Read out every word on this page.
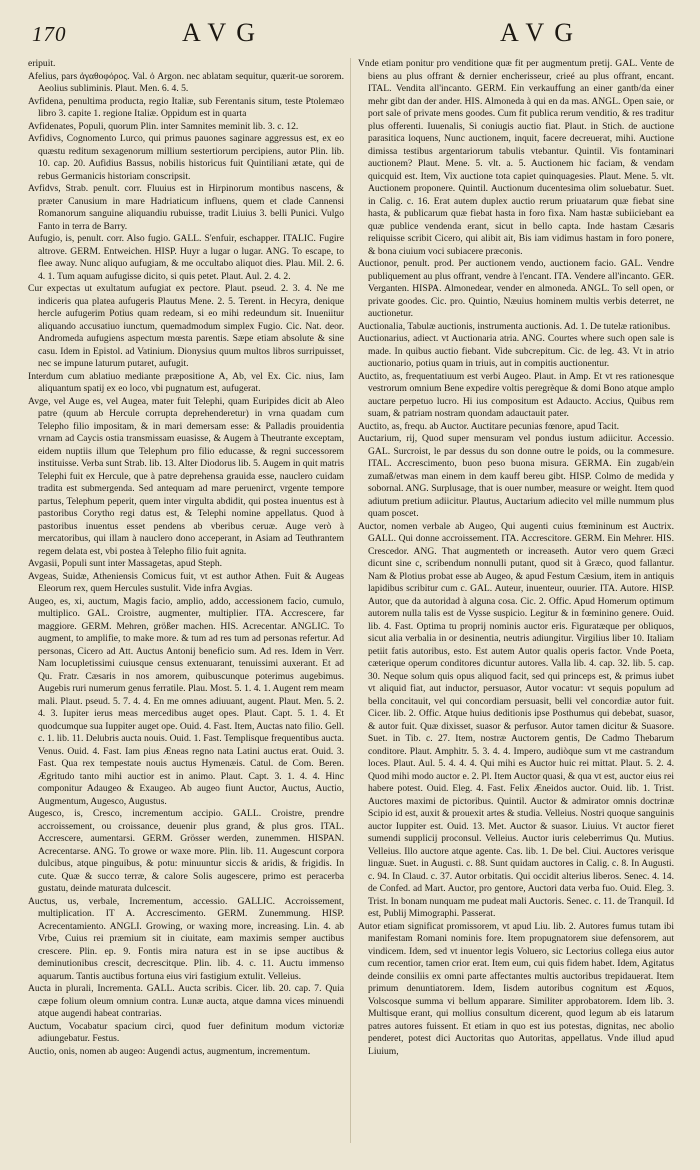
170	AVG	AVG

eripuit.

Afelius, pars ἀγαθοφόρος. Val. ὁ Argon. nec ablatam sequitur, quærit-ue sororem. Aeolius subliminis. Plaut. Men. 6. 4. 5.

Avfidena, penultima producta, regio Italiæ, sub Ferentanis situm, teste Ptolemæo libro 3. capite 1. regione Italiæ. Oppidum est in quarta

Avfidenates, Populi, quorum Plin. inter Samnites meminit lib. 3. c. 12.

Avfidivs, Cognomento Lurco, qui primus pauones saginare aggressus est, ex eo quæstu reditum sexagenorum millium sestertiorum percipiens, autor Plin. lib. 10. cap. 20. Aufidius Bassus, nobilis historicus fuit Quintiliani ætate, qui de rebus Germanicis historiam conscripsit.

Avfidvs, Strab. penult. corr. Fluuius est in Hirpinorum montibus nascens, & præter Canusium in mare Hadriaticum influens, quem et clade Cannensi Romanorum sanguine aliquandiu rubuisse, tradit Liuius 3. belli Punici. Vulgo Fanto in terra de Barry.

Aufugio, is, penult. corr. Also fugio. GALL. S'enfuir, eschapper. ITALIC. Fugire altrove. GERM. Entweichen. HISP. Huyr a lugar o lugar. ANG. To escape, to flee away. Nunc aliquo aufugiam, & me occultabo aliquot dies. Plau. Mil. 2. 6. 4. 1. Tum aquam aufugisse dicito, si quis petet. Plaut. Aul. 2. 4. 2.

Cur expectas ut exultatum aufugiat ex pectore. Plaut. pseud. 2. 3. 4. Ne me indiceris qua platea aufugeris Plautus Mene. 2. 5. Terent. in Hecyra, denique hercle aufugerim Potius quam redeam, si eo mihi redeundum sit. Inueniitur aliquando accusatiuo iunctum, quemadmodum simplex Fugio. Cic. Nat. deor. Andromeda aufugiens aspectum mœsta parentis. Sæpe etiam absolute & sine casu. Idem in Epistol. ad Vatinium. Dionysius quum multos libros surripuisset, nec se impune laturum putaret, aufugit.

Interdum cum ablatiuo mediante præpositione A, Ab, vel Ex. Cic. nius, Iam aliquantum spatij ex eo loco, vbi pugnatum est, aufugerat.

Avge, vel Auge es, vel Augea, mater fuit Telephi, quam Euripides dicit ab Aleo patre (quum ab Hercule corrupta deprehenderetur) in vrna quadam cum Telepho filio impositam, & in mari demersam esse: & Palladis prouidentia vrnam ad Caycis ostia transmissam euasisse, & Augem à Theutrante exceptam, eidem nuptiis illum que Telephum pro filio educasse, & regni successorem instituisse. Verba sunt Strab. lib. 13. Alter Diodorus lib. 5. Augem in quit matris Telephi fuit ex Hercule, que à patre deprehensa grauida esse, nauclero cuidam tradita est submergenda. Sed antequam ad mare peruenirct, vrgente tempore partus, Telephum peperit, quem inter virgulta abdidit, qui postea inuentus est à pastoribus Corytho regi datus est, & Telephi nomine appellatus. Quod à pastoribus inuentus esset pendens ab vberibus ceruæ. Auge verò à mercatoribus, qui illam à nauclero dono acceperant, in Asiam ad Teuthrantem regem delata est, vbi postea à Telepho filio fuit agnita.

Avgasii, Populi sunt inter Massagetas, apud Steph.

Avgeas, Suidæ, Atheniensis Comicus fuit, vt est author Athen. Fuit & Augeas Eleorum rex, quem Hercules sustulit. Vide infra Avgias.

Augeo, es, xi, auctum, Magis facio, amplio, addo, accessionem facio, cumulo, multiplico. GAL. Croistre, augmenter, multiplier. ITA. Accrescere, far maggiore. GERM. Mehren, größer machen. HIS. Acrecentar. ANGLIC. To augment, to amplifie, to make more. & tum ad res tum ad personas refertur. Ad personas, Cicero ad Att. Auctus Antonij beneficio sum. Ad res. Idem in Verr. Nam locupletissimi cuiusque census extenuarant, tenuissimi auxerant. Et ad Qu. Fratr. Cæsaris in nos amorem, quibuscunque poterimus augebimus. Augebis ruri numerum genus ferratile. Plau. Most. 5. 1. 4. 1. Augent rem meam mali. Plaut. pseud. 5. 7. 4. 4. En me omnes adiuuant, augent. Plaut. Men. 5. 2. 4. 3. Iupiter ierus meas mercedibus auget opes. Plaut. Capt. 5. 1. 4. Et quodcumque sua Iuppiter auget ope. Ouid. 4. Fast. Item, Auctas nato filio. Gell. c. 1. lib. 11. Delubris aucta nouis. Ouid. 1. Fast. Templisque frequentibus aucta. Venus. Ouid. 4. Fast. Iam pius Æneas regno nata Latini auctus erat. Ouid. 3. Fast. Qua rex tempestate nouis auctus Hymenæis. Catul. de Com. Beren. Ægritudo tanto mihi auctior est in animo. Plaut. Capt. 3. 1. 4. 4. Hinc componitur Adaugeo & Exaugeo. Ab augeo fiunt Auctor, Auctus, Auctio, Augmentum, Augesco, Augustus.

Augesco, is, Cresco, incrementum accipio. GALL. Croistre, prendre accroissement, ou croissance, deuenir plus grand, & plus gros. ITAL. Accrescere, aumentarsi. GERM. Grösser werden, zunemmen. HISPAN. Acrecentarse. ANG. To growe or waxe more. Plin. lib. 11. Augescunt corpora dulcibus, atque pinguibus, & potu: minuuntur siccis & aridis, & frigidis. In cute. Quæ & succo terræ, & calore Solis augescere, primo est peracerba gustatu, deinde maturata dulcescit.

Auctus, us, verbale, Incrementum, accessio. GALLIC. Accroissement, multiplication. IT A. Accrescimento. GERM. Zunemmung. HISP. Acrecentamiento. ANGLI. Growing, or waxing more, increasing. Lin. 4. ab Vrbe, Cuius rei præmium sit in ciuitate, eam maximis semper auctibus crescere. Plin. ep. 9. Fontis mira natura est in se ipse auctibus & deminutionibus crescit, decrescitque. Plin. lib. 4. c. 11. Auctu immenso aquarum. Tantis auctibus fortuna eius viri fastigium extulit. Velleius.

Aucta in plurali, Incrementa. GALL. Aucta scribis. Cicer. lib. 20. cap. 7. Quia cæpe folium oleum omnium contra. Lunæ aucta, atque damna vices minuendi atque augendi habeat contrarias.

Auctum, Vocabatur spacium circi, quod fuer definitum modum victoriæ adiungebatur. Festus.

Auctio, onis, nomen ab augeo: Augendi actus, augmentum, incrementum.

Vnde etiam ponitur pro venditione quæ fit per augmentum pretij. GAL. Vente de biens au plus offrant & dernier encherisseur, crieé au plus offrant, encant. ITAL. Vendita all'incanto. GERM. Ein verkauffung an einer gantb/da einer mehr gibt dan der ander. HIS. Almoneda à qui en da mas. ANGL. Open saie, or port sale of private mens goodes. Cum fit publica rerum venditio, & res traditur plus offerenti. Iuuenalis, Si coniugis auctio fiat. Plaut. in Stich. de auctione parasitica loquens, Nunc auctionem, inquit, facere decreuerat, mihi. Auctione dimissa testibus argentariorum tabulis vtebantur. Quintil. Vis fontaminari auctionem? Plaut. Mene. 5. vlt. a. 5. Auctionem hic faciam, & vendam quicquid est. Item, Vix auctione tota capiet quinquagesies. Plaut. Mene. 5. vlt. Auctionem proponere. Quintil. Auctionum ducentesima olim soluebatur. Suet. in Calig. c. 16. Erat autem duplex auctio rerum priuatarum quæ fiebat sine hasta, & publicarum quæ fiebat hasta in foro fixa. Nam hastæ subiiciebant ea quæ publice vendenda erant, sicut in bello capta. Inde hastam Cæsaris reliquisse scribit Cicero, qui alibit ait, Bis iam vidimus hastam in foro ponere, & bona ciuium voci subiacere præconis.

Auctionor, penult. prod. Per auctionem vendo, auctionem facio. GAL. Vendre publiquement au plus offrant, vendre à l'encant. ITA. Vendere all'incanto. GER. Verganten. HISPA. Almonedear, vender en almoneda. ANGL. To sell open, or private goodes. Cic. pro. Quintio, Næuius hominem multis verbis deterret, ne auctionetur.

Auctionalia, Tabulæ auctionis, instrumenta auctionis. Ad. 1. De tutelæ rationibus.

Auctionarius, adiect. vt Auctionaria atria. ANG. Courtes where such open sale is made. In quibus auctio fiebant. Vide subcrepitum. Cic. de leg. 43. Vt in atrio auctionario, potius quam in triuis, aut in compitis auctionentur.

Auctito, as, frequentatiuum est verbi Augeo. Plaut. in Amp. Et vt res rationesque vestrorum omnium Bene expedire voltis peregrèque & domi Bono atque amplo auctare perpetuo lucro. Hi ius compositum est Adaucto. Accius, Quibus rem suam, & patriam nostram quondam adauctauit pater.

Auctito, as, frequ. ab Auctor. Auctitare pecunias fœnore, apud Tacit.

Auctarium, rij, Quod super mensuram vel pondus iustum adiicitur. Accessio. GAL. Surcroist, le par dessus du son donne outre le poids, ou la commesure. ITAL. Accrescimento, buon peso buona misura. GERMA. Ein zugab/ein zumaß/etwas man einem in dem kauff bereu gibt. HISP. Colmo de medida y sobornal. ANG. Surplusage, that is ouer number, measure or weight. Item quod adiutum pretium adiicitur. Plautus, Auctarium adiecito vel mille nummum plus quam poscet.

Auctor, nomen verbale ab Augeo, Qui augenti cuius fœmininum est Auctrix. GALL. Qui donne accroissement. ITA. Accrescitore. GERM. Ein Mehrer. HIS. Crescedor. ANG. That augmenteth or increaseth. Autor vero quem Græci dicunt sine c, scribendum nonnulli putant, quod sit à Græco, quod fallantur. Nam & Plotius probat esse ab Augeo, & apud Festum Cæsium, item in antiquis lapidibus scribitur cum c. GAL. Auteur, inuenteur, ouurier. ITA. Autore. HISP. Autor, que da autoridad à alguna cosa. Cic. 2. Offic. Apud Homerum optimum autorem nulla talis est de Vysse suspicio. Legitur & in fœminino genere. Ouid. lib. 4. Fast. Optima tu proprij nominis auctor eris. Figuratæque per obliquos, sicut alia verbalia in or desinentia, neutris adiungitur. Virgilius liber 10. Italiam petiit fatis autoribus, esto. Est autem Autor qualis operis factor. Vnde Poeta, cæterique operum conditores dicuntur autores. Valla lib. 4. cap. 32. lib. 5. cap. 30. Neque solum quis opus aliquod facit, sed qui princeps est, & primus iubet vt aliquid fiat, aut inductor, persuasor, Autor vocatur: vt sequis populum ad bella concitauit, vel qui concordiam persuasit, belli vel concordiæ autor fuit. Cicer. lib. 2. Offic. Atque huius deditionis ipse Posthumus qui debebat, suasor, & autor fuit. Quæ dixisset, suasor & perfusor. Autor tamen dicitur & Suasore. Suet. in Tib. c. 27. Item, nostræ Auctorem gentis, De Cadmo Thebarum conditore. Plaut. Amphitr. 5. 3. 4. 4. Impero, audiòque sum vt me castrandum loces. Plaut. Aul. 5. 4. 4. 4. Qui mihi es Auctor huic rei mittat. Plaut. 5. 2. 4. Quod mihi modo auctor e. 2. Pl. Item Auctor quasi, & qua vt est, auctor eius rei habere potest. Ouid. Eleg. 4. Fast. Felix Æneidos auctor. Ouid. lib. 1. Trist. Auctores maximi de pictoribus. Quintil. Auctor & admirator omnis doctrinæ Scipio id est, auxit & prouexit artes & studia. Velleius. Nostri quoque sanguinis auctor Iuppiter est. Ouid. 13. Met. Auctor & suasor. Liuius. Vt auctor fieret sumendi supplicij proconsul. Velleius. Auctor iuris celeberrimus Qu. Mutius. Velleius. Illo auctore atque agente. Cas. lib. 1. De bel. Ciui. Auctores verisque linguæ. Suet. in Augusti. c. 88. Sunt quidam auctores in Calig. c. 8. In Augusti. c. 94. In Claud. c. 37. Autor orbitatis. Qui occidit alterius liberos. Senec. 4. 14. de Confed. ad Mart. Auctor, pro gentore, Auctori data verba fuo. Ouid. Eleg. 3. Trist. In bonam nunquam me pudeat mali Auctoris. Senec. c. 11. de Tranquil. Id est, Publij Mimographi. Passerat.

Autor etiam significat promissorem, vt apud Liu. lib. 2. Autores fumus tutam ibi manifestam Romani nominis fore. Item propugnatorem siue defensorem, aut vindicem. Idem, sed vt inuentor legis Voluero, sic Lectorius collega eius autor cum recentior, tamen crior erat. Item eum, cui quis fidem habet. Idem, Agitatus deinde consiliis ex omni parte affectantes multis auctoribus trepidauerat. Item primum denuntiatorem. Idem, Iisdem autoribus cognitum est Æquos, Volscosque summa vi bellum apparare. Similiter approbatorem. Idem lib. 3. Multisque erant, qui mollius consultum dicerent, quod legum ab eis latarum patres autores fuissent. Et etiam in quo est ius potestas, dignitas, nec abolio penderet, potest dici Auctoritas quo Autoritas, appellatus. Vnde illud apud Liuium,
